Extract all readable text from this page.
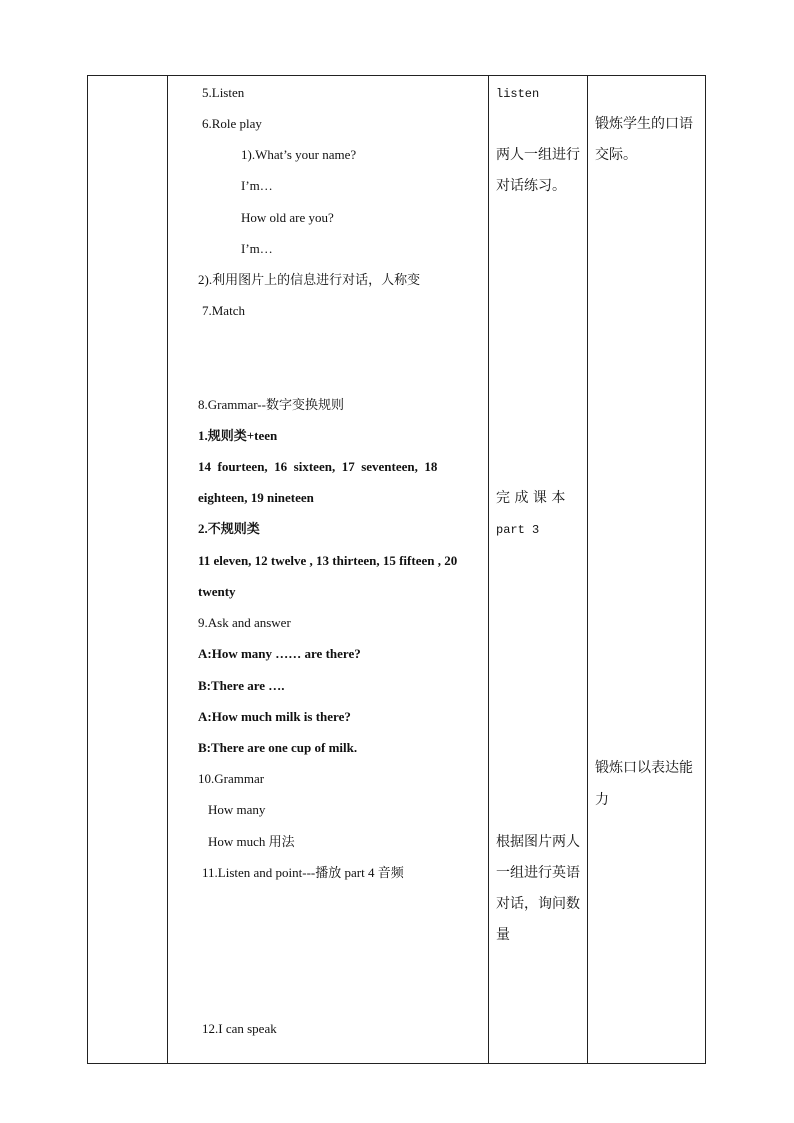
5.Listen
6.Role play
1).What’s your name?
I’m…
How old are you?
I’m…
2).利用图片上的信息进行对话，人称变
7.Match
8.Grammar--数字变换规则
1.规则类+teen
14  fourteen,  16  sixteen,  17  seventeen,  18
eighteen, 19 nineteen
2.不规则类
11 eleven, 12 twelve , 13 thirteen, 15 fifteen , 20
twenty
9.Ask and answer
A:How many …… are there?
B:There are ….
A:How much milk is there?
B:There are one cup of milk.
10.Grammar
How many
How much 用法
11.Listen and point---播放 part 4 音频
12.I can speak
listen
两人一组进行
对话练习。
完 成 课 本
part 3
根据图片两人
一组进行英语
对话，询问数
量
锻炼学生的口语
交际。
锻炼口以表达能
力
